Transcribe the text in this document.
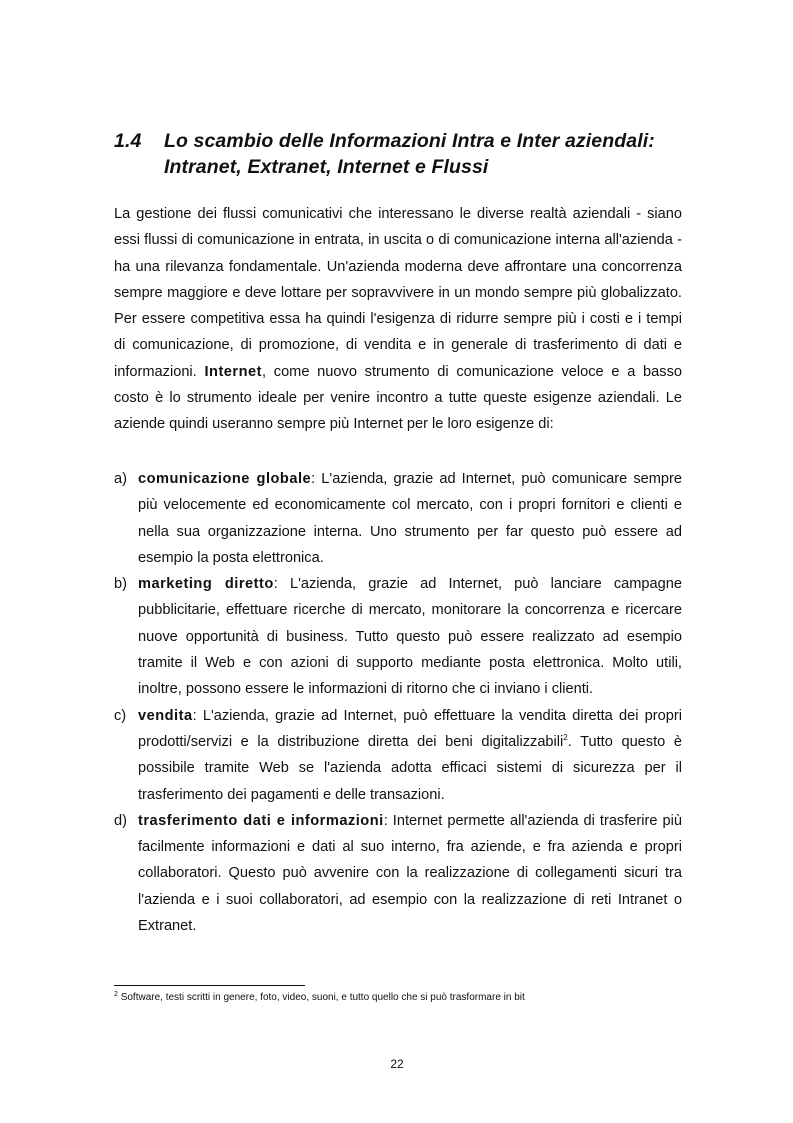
1.4 Lo scambio delle Informazioni Intra e Inter aziendali: Intranet, Extranet, Internet e Flussi
La gestione dei flussi comunicativi che interessano le diverse realtà aziendali - siano essi flussi di comunicazione in entrata, in uscita o di comunicazione interna all'azienda - ha una rilevanza fondamentale. Un'azienda moderna deve affrontare una concorrenza sempre maggiore e deve lottare per sopravvivere in un mondo sempre più globalizzato. Per essere competitiva essa ha quindi l'esigenza di ridurre sempre più i costi e i tempi di comunicazione, di promozione, di vendita e in generale di trasferimento di dati e informazioni. Internet, come nuovo strumento di comunicazione veloce e a basso costo è lo strumento ideale per venire incontro a tutte queste esigenze aziendali. Le aziende quindi useranno sempre più Internet per le loro esigenze di:
a) comunicazione globale: L'azienda, grazie ad Internet, può comunicare sempre più velocemente ed economicamente col mercato, con i propri fornitori e clienti e nella sua organizzazione interna. Uno strumento per far questo può essere ad esempio la posta elettronica.
b) marketing diretto: L'azienda, grazie ad Internet, può lanciare campagne pubblicitarie, effettuare ricerche di mercato, monitorare la concorrenza e ricercare nuove opportunità di business. Tutto questo può essere realizzato ad esempio tramite il Web e con azioni di supporto mediante posta elettronica. Molto utili, inoltre, possono essere le informazioni di ritorno che ci inviano i clienti.
c) vendita: L'azienda, grazie ad Internet, può effettuare la vendita diretta dei propri prodotti/servizi e la distribuzione diretta dei beni digitalizzabili$^2$. Tutto questo è possibile tramite Web se l'azienda adotta efficaci sistemi di sicurezza per il trasferimento dei pagamenti e delle transazioni.
d) trasferimento dati e informazioni: Internet permette all'azienda di trasferire più facilmente informazioni e dati al suo interno, fra aziende, e fra azienda e propri collaboratori. Questo può avvenire con la realizzazione di collegamenti sicuri tra l'azienda e i suoi collaboratori, ad esempio con la realizzazione di reti Intranet o Extranet.
$^2$ Software, testi scritti in genere, foto, video, suoni, e tutto quello che si può trasformare in bit
22
